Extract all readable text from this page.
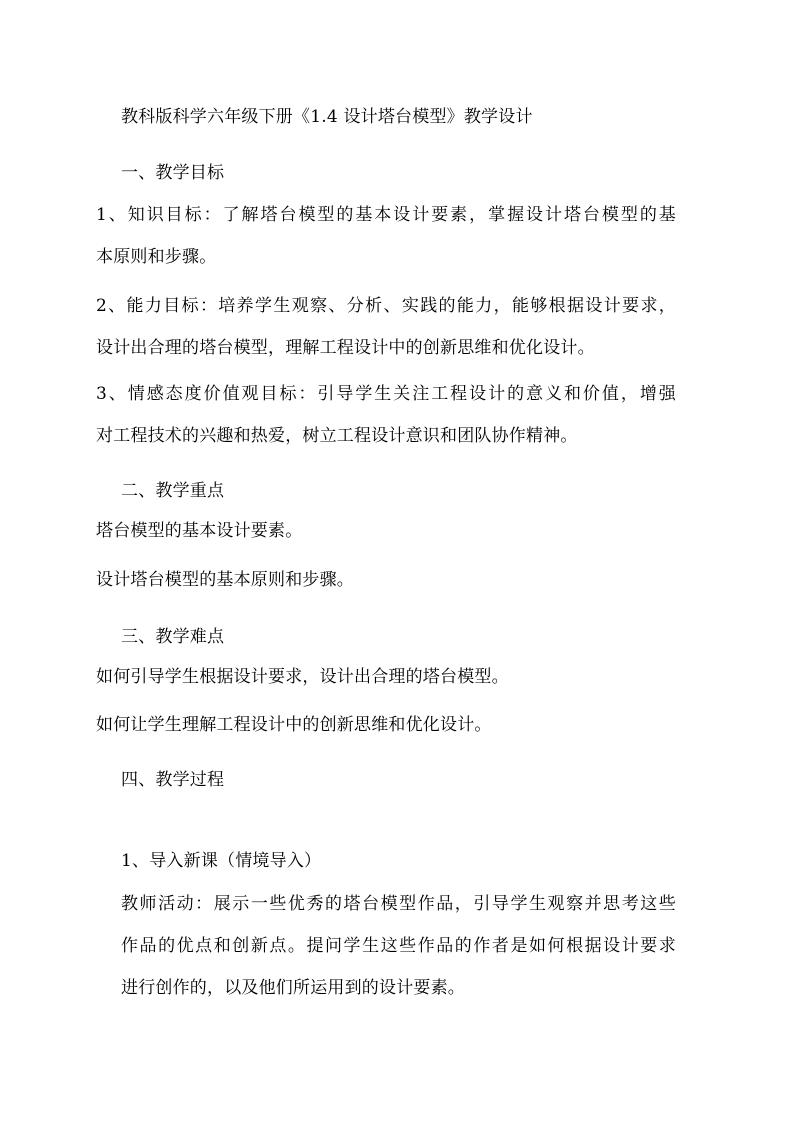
教科版科学六年级下册《1.4 设计塔台模型》教学设计
一、教学目标
1、知识目标：了解塔台模型的基本设计要素，掌握设计塔台模型的基
本原则和步骤。
2、能力目标：培养学生观察、分析、实践的能力，能够根据设计要求，
设计出合理的塔台模型，理解工程设计中的创新思维和优化设计。
3、情感态度价值观目标：引导学生关注工程设计的意义和价值，增强
对工程技术的兴趣和热爱，树立工程设计意识和团队协作精神。
二、教学重点
塔台模型的基本设计要素。
设计塔台模型的基本原则和步骤。
三、教学难点
如何引导学生根据设计要求，设计出合理的塔台模型。
如何让学生理解工程设计中的创新思维和优化设计。
四、教学过程
1、导入新课（情境导入）
教师活动：展示一些优秀的塔台模型作品，引导学生观察并思考这些
作品的优点和创新点。提问学生这些作品的作者是如何根据设计要求
进行创作的，以及他们所运用到的设计要素。
